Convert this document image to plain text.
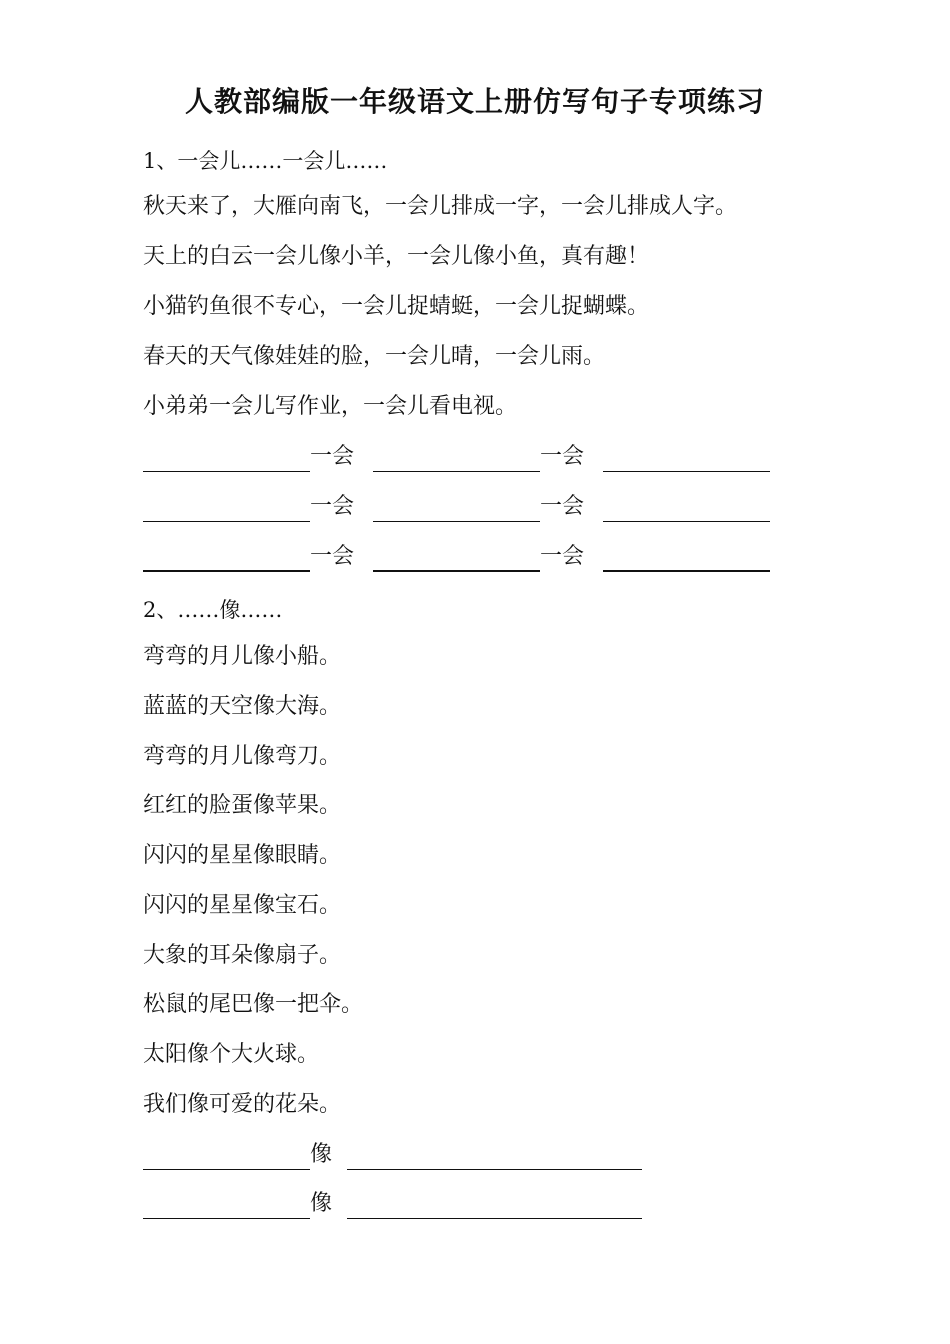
人教部编版一年级语文上册仿写句子专项练习
1、一会儿……一会儿……
秋天来了，大雁向南飞，一会儿排成一字，一会儿排成人字。
天上的白云一会儿像小羊，一会儿像小鱼，真有趣！
小猫钓鱼很不专心，一会儿捉蜻蜓，一会儿捉蝴蝶。
春天的天气像娃娃的脸，一会儿晴，一会儿雨。
小弟弟一会儿写作业，一会儿看电视。
一会	一会
一会	一会
一会	一会
2、……像……
弯弯的月儿像小船。
蓝蓝的天空像大海。
弯弯的月儿像弯刀。
红红的脸蛋像苹果。
闪闪的星星像眼睛。
闪闪的星星像宝石。
大象的耳朵像扇子。
松鼠的尾巴像一把伞。
太阳像个大火球。
我们像可爱的花朵。
像
像
